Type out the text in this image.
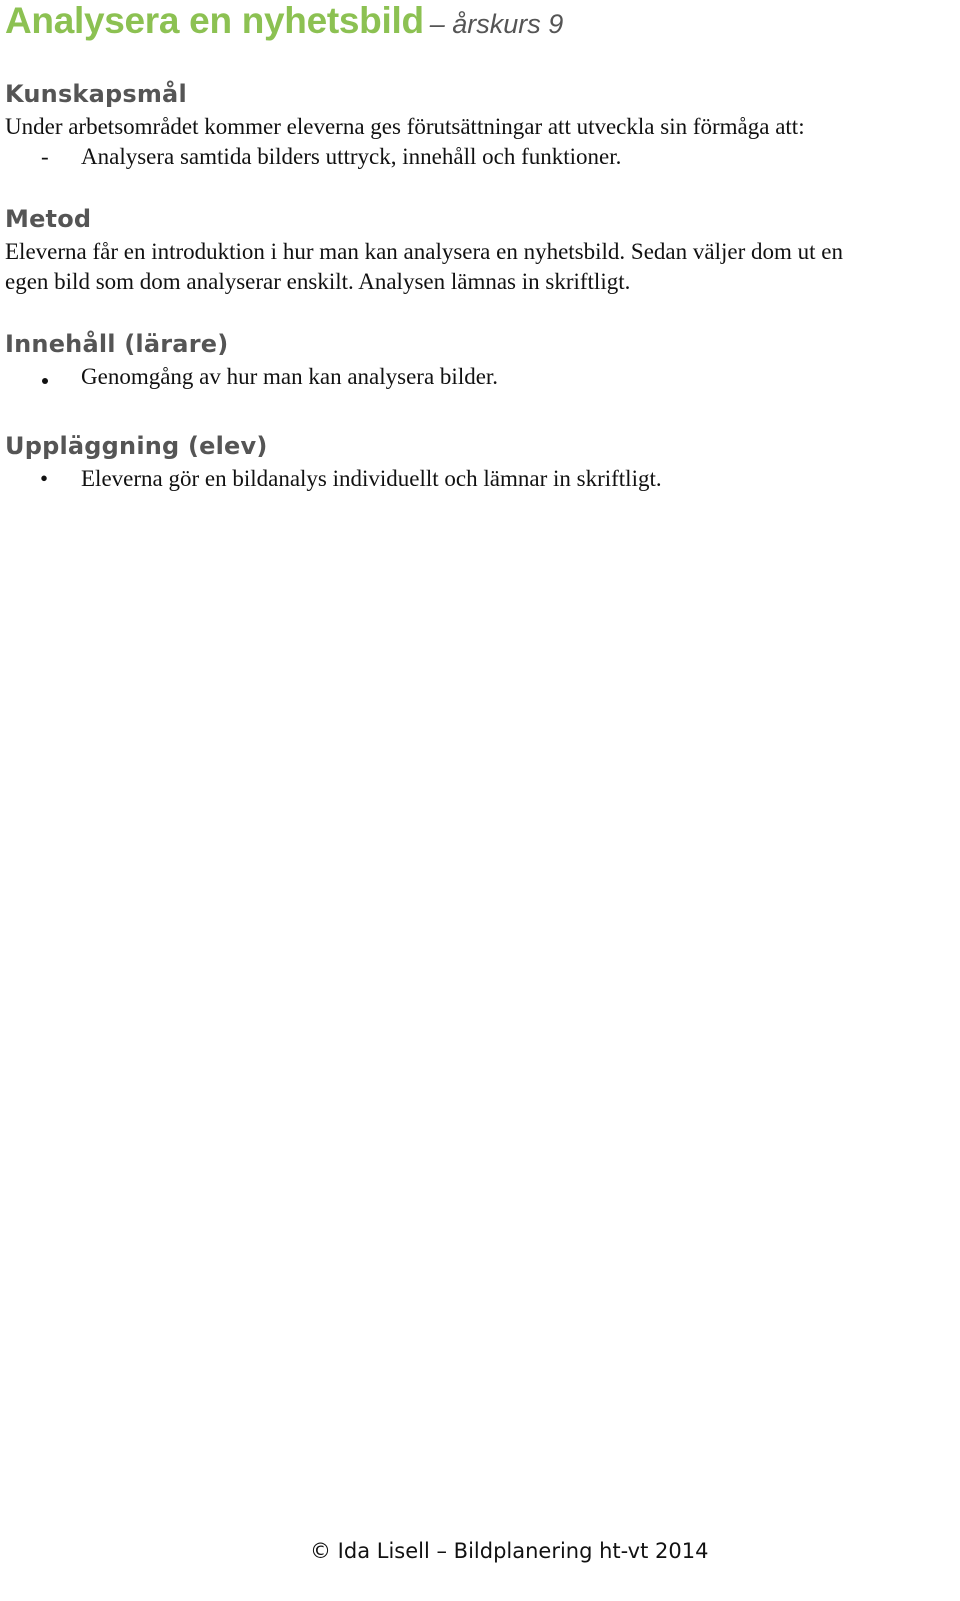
Analysera en nyhetsbild – årskurs 9
Kunskapsmål
Under arbetsområdet kommer eleverna ges förutsättningar att utveckla sin förmåga att:
- Analysera samtida bilders uttryck, innehåll och funktioner.
Metod
Eleverna får en introduktion i hur man kan analysera en nyhetsbild. Sedan väljer dom ut en
egen bild som dom analyserar enskilt. Analysen lämnas in skriftligt.
Innehåll (lärare)
Genomgång av hur man kan analysera bilder.
Uppläggning (elev)
• Eleverna gör en bildanalys individuellt och lämnar in skriftligt.
© Ida Lisell – Bildplanering ht-vt 2014
